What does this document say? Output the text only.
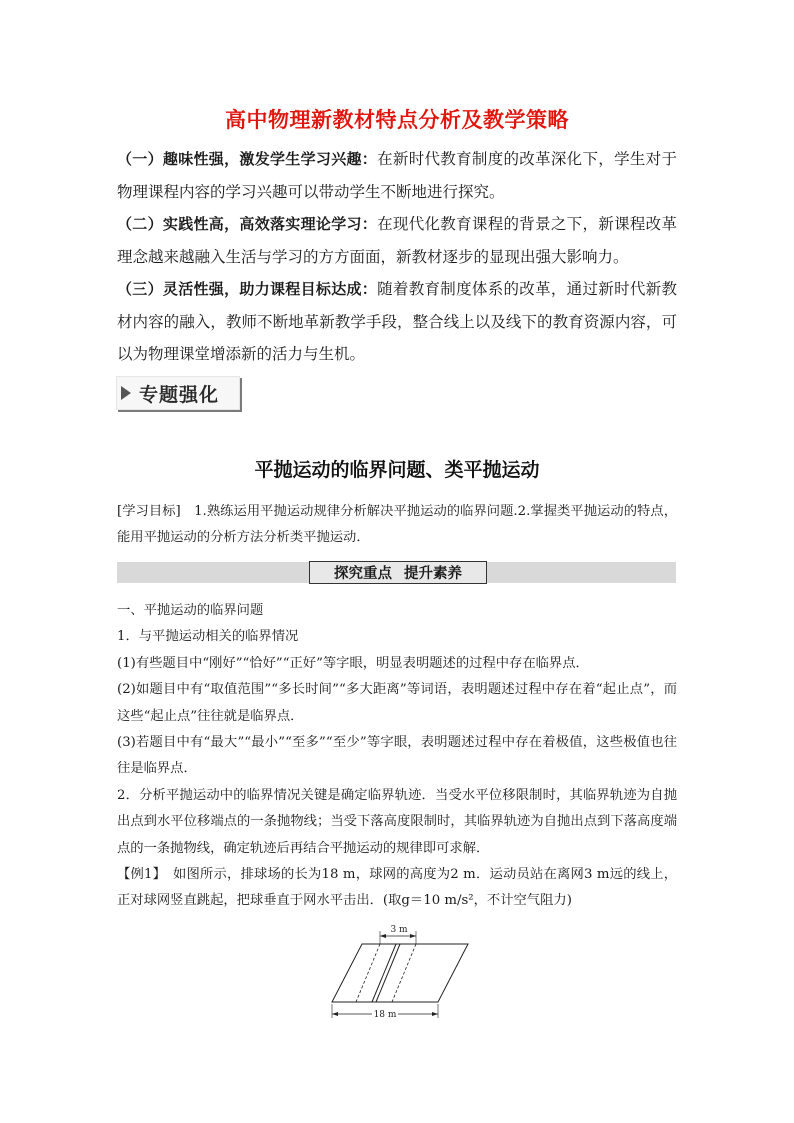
高中物理新教材特点分析及教学策略

（一）趣味性强，激发学生学习兴趣：在新时代教育制度的改革深化下，学生对于物理课程内容的学习兴趣可以带动学生不断地进行探究。

（二）实践性高，高效落实理论学习：在现代化教育课程的背景之下，新课程改革理念越来越融入生活与学习的方方面面，新教材逐步的显现出强大影响力。

（三）灵活性强，助力课程目标达成：随着教育制度体系的改革，通过新时代新教材内容的融入，教师不断地革新教学手段，整合线上以及线下的教育资源内容，可以为物理课堂增添新的活力与生机。

专题强化
平抛运动的临界问题、类平抛运动

[学习目标]　1.熟练运用平抛运动规律分析解决平抛运动的临界问题.2.掌握类平抛运动的特点，能用平抛运动的分析方法分析类平抛运动．

探究重点 提升素养

一、平抛运动的临界问题

1．与平抛运动相关的临界情况

(1)有些题目中“刚好”“恰好”“正好”等字眼，明显表明题述的过程中存在临界点．

(2)如题目中有“取值范围”“多长时间”“多大距离”等词语，表明题述过程中存在着“起止点”，而这些“起止点”往往就是临界点．

(3)若题目中有“最大”“最小”“至多”“至少”等字眼，表明题述过程中存在着极值，这些极值也往往是临界点．

2．分析平抛运动中的临界情况关键是确定临界轨迹．当受水平位移限制时，其临界轨迹为自抛出点到水平位移端点的一条抛物线；当受下落高度限制时，其临界轨迹为自抛出点到下落高度端点的一条抛物线，确定轨迹后再结合平抛运动的规律即可求解．

【例1】　如图所示，排球场的长为18 m，球网的高度为2 m．运动员站在离网3 m远的线上，正对球网竖直跳起，把球垂直于网水平击出．(取g＝10 m/s²，不计空气阻力)

3 m
18 m
